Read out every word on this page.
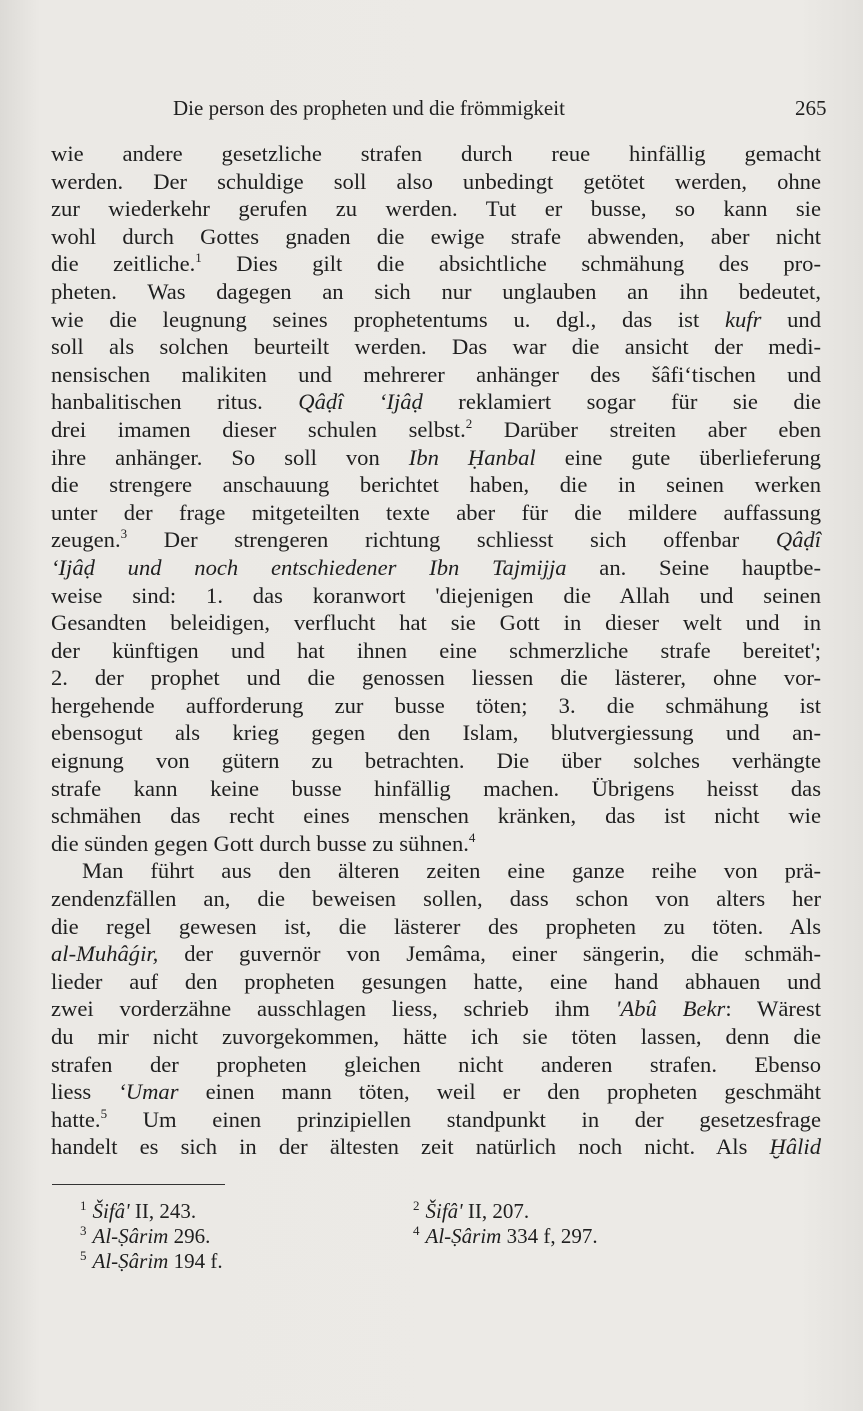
Die person des propheten und die frömmigkeit	265
wie andere gesetzliche strafen durch reue hinfällig gemacht
werden. Der schuldige soll also unbedingt getötet werden, ohne
zur wiederkehr gerufen zu werden. Tut er busse, so kann sie
wohl durch Gottes gnaden die ewige strafe abwenden, aber nicht
die zeitliche.$^1$ Dies gilt die absichtliche schmähung des pro-
pheten. Was dagegen an sich nur unglauben an ihn bedeutet,
wie die leugnung seines prophetentums u. dgl., das ist kufr und
soll als solchen beurteilt werden. Das war die ansicht der medi-
nensischen malikiten und mehrerer anhänger des šâfi‘tischen und
hanbalitischen ritus. Qâḍî ‘Ijâḍ reklamiert sogar für sie die
drei imamen dieser schulen selbst.$^2$ Darüber streiten aber eben
ihre anhänger. So soll von Ibn Ḥanbal eine gute überlieferung
die strengere anschauung berichtet haben, die in seinen werken
unter der frage mitgeteilten texte aber für die mildere auffassung
zeugen.$^3$ Der strengeren richtung schliesst sich offenbar Qâḍî
‘Ijâḍ und noch entschiedener Ibn Tajmijja an. Seine hauptbe-
weise sind: 1. das koranwort 'diejenigen die Allah und seinen
Gesandten beleidigen, verflucht hat sie Gott in dieser welt und in
der künftigen und hat ihnen eine schmerzliche strafe bereitet';
2. der prophet und die genossen liessen die lästerer, ohne vor-
hergehende aufforderung zur busse töten; 3. die schmähung ist
ebensogut als krieg gegen den Islam, blutvergiessung und an-
eignung von gütern zu betrachten. Die über solches verhängte
strafe kann keine busse hinfällig machen. Übrigens heisst das
schmähen das recht eines menschen kränken, das ist nicht wie
die sünden gegen Gott durch busse zu sühnen.$^4$
Man führt aus den älteren zeiten eine ganze reihe von prä-
zendenzfällen an, die beweisen sollen, dass schon von alters her
die regel gewesen ist, die lästerer des propheten zu töten. Als
al-Muhâǵir, der guvernör von Jemâma, einer sängerin, die schmäh-
lieder auf den propheten gesungen hatte, eine hand abhauen und
zwei vorderzähne ausschlagen liess, schrieb ihm 'Abû Bekr: Wärest
du mir nicht zuvorgekommen, hätte ich sie töten lassen, denn die
strafen der propheten gleichen nicht anderen strafen. Ebenso
liess ‘Umar einen mann töten, weil er den propheten geschmäht
hatte.$^5$ Um einen prinzipiellen standpunkt in der gesetzesfrage
handelt es sich in der ältesten zeit natürlich noch nicht. Als Ḫâlid
$^1$ Šifâ' II, 243.	$^2$ Šifâ' II, 207.
$^3$ Al-Ṣârim 296.	$^4$ Al-Ṣârim 334 f, 297.
$^5$ Al-Ṣârim 194 f.
